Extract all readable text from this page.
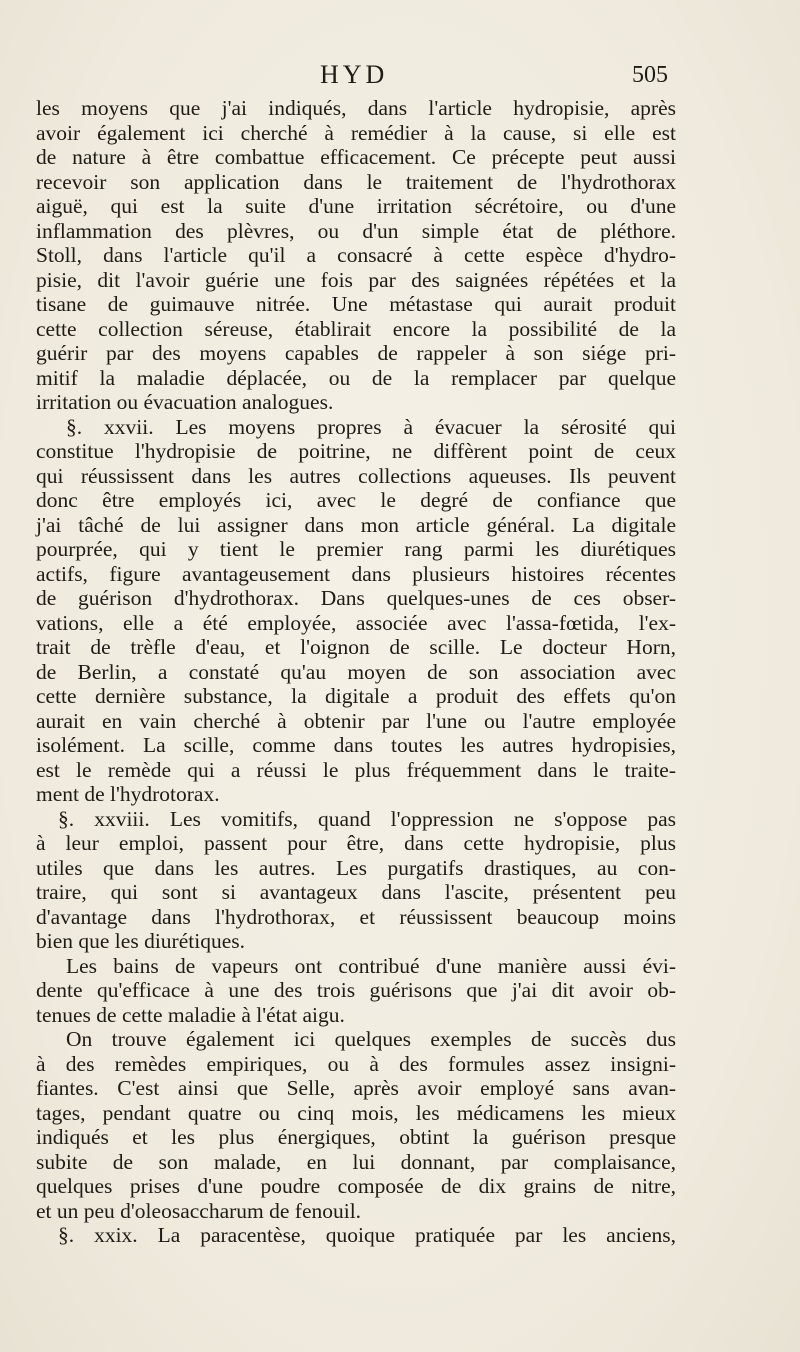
HYD	505
les moyens que j'ai indiqués, dans l'article hydropisie, après
avoir également ici cherché à remédier à la cause, si elle est
de nature à être combattue efficacement. Ce précepte peut aussi
recevoir son application dans le traitement de l'hydrothorax
aiguë, qui est la suite d'une irritation sécrétoire, ou d'une
inflammation des plèvres, ou d'un simple état de pléthore.
Stoll, dans l'article qu'il a consacré à cette espèce d'hydro-
pisie, dit l'avoir guérie une fois par des saignées répétées et la
tisane de guimauve nitrée. Une métastase qui aurait produit
cette collection séreuse, établirait encore la possibilité de la
guérir par des moyens capables de rappeler à son siége pri-
mitif la maladie déplacée, ou de la remplacer par quelque
irritation ou évacuation analogues.
§. xxvii. Les moyens propres à évacuer la sérosité qui
constitue l'hydropisie de poitrine, ne diffèrent point de ceux
qui réussissent dans les autres collections aqueuses. Ils peuvent
donc être employés ici, avec le degré de confiance que
j'ai tâché de lui assigner dans mon article général. La digitale
pourprée, qui y tient le premier rang parmi les diurétiques
actifs, figure avantageusement dans plusieurs histoires récentes
de guérison d'hydrothorax. Dans quelques-unes de ces obser-
vations, elle a été employée, associée avec l'assa-fœtida, l'ex-
trait de trèfle d'eau, et l'oignon de scille. Le docteur Horn,
de Berlin, a constaté qu'au moyen de son association avec
cette dernière substance, la digitale a produit des effets qu'on
aurait en vain cherché à obtenir par l'une ou l'autre employée
isolément. La scille, comme dans toutes les autres hydropisies,
est le remède qui a réussi le plus fréquemment dans le traite-
ment de l'hydrotorax.
§. xxviii. Les vomitifs, quand l'oppression ne s'oppose pas
à leur emploi, passent pour être, dans cette hydropisie, plus
utiles que dans les autres. Les purgatifs drastiques, au con-
traire, qui sont si avantageux dans l'ascite, présentent peu
d'avantage dans l'hydrothorax, et réussissent beaucoup moins
bien que les diurétiques.
Les bains de vapeurs ont contribué d'une manière aussi évi-
dente qu'efficace à une des trois guérisons que j'ai dit avoir ob-
tenues de cette maladie à l'état aigu.
On trouve également ici quelques exemples de succès dus
à des remèdes empiriques, ou à des formules assez insigni-
fiantes. C'est ainsi que Selle, après avoir employé sans avan-
tages, pendant quatre ou cinq mois, les médicamens les mieux
indiqués et les plus énergiques, obtint la guérison presque
subite de son malade, en lui donnant, par complaisance,
quelques prises d'une poudre composée de dix grains de nitre,
et un peu d'oleosaccharum de fenouil.
§. xxix. La paracentèse, quoique pratiquée par les anciens,
